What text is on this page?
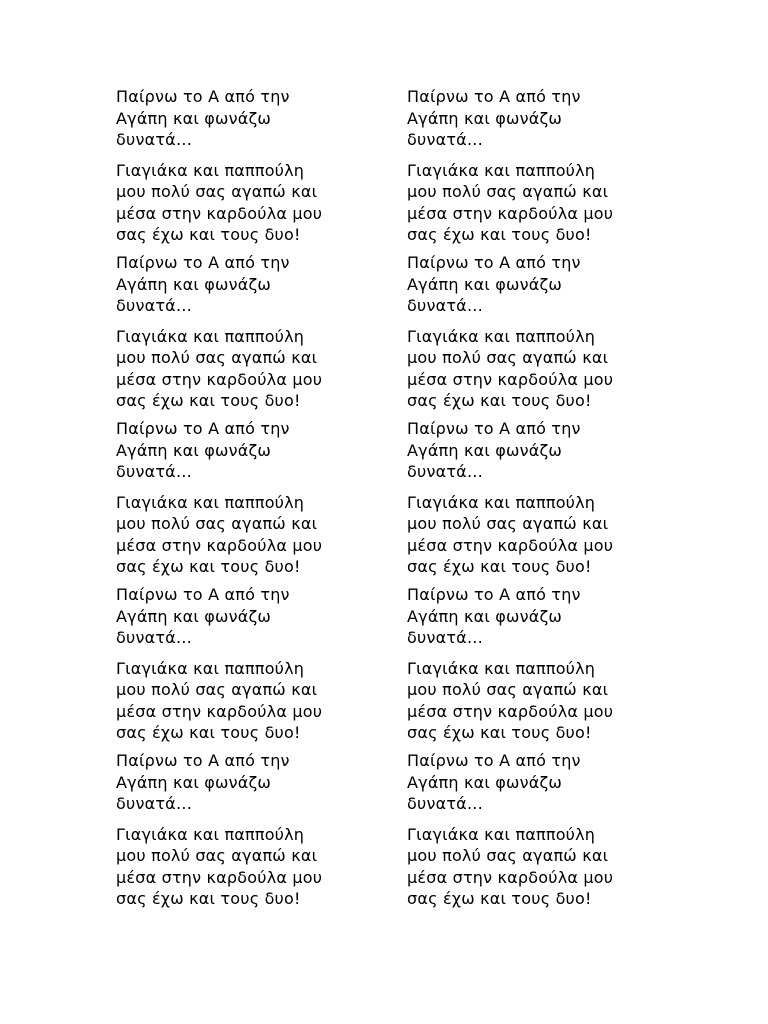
Παίρνω το Α από την
Αγάπη και φωνάζω
δυνατά…

Γιαγιάκα και παππούλη
μου πολύ σας αγαπώ και
μέσα στην καρδούλα μου
σας έχω και τους δυο!

Παίρνω το Α από την
Αγάπη και φωνάζω
δυνατά…

Γιαγιάκα και παππούλη
μου πολύ σας αγαπώ και
μέσα στην καρδούλα μου
σας έχω και τους δυο!

Παίρνω το Α από την
Αγάπη και φωνάζω
δυνατά…

Γιαγιάκα και παππούλη
μου πολύ σας αγαπώ και
μέσα στην καρδούλα μου
σας έχω και τους δυο!

Παίρνω το Α από την
Αγάπη και φωνάζω
δυνατά…

Γιαγιάκα και παππούλη
μου πολύ σας αγαπώ και
μέσα στην καρδούλα μου
σας έχω και τους δυο!

Παίρνω το Α από την
Αγάπη και φωνάζω
δυνατά…

Γιαγιάκα και παππούλη
μου πολύ σας αγαπώ και
μέσα στην καρδούλα μου
σας έχω και τους δυο!

Παίρνω το Α από την
Αγάπη και φωνάζω
δυνατά…

Γιαγιάκα και παππούλη
μου πολύ σας αγαπώ και
μέσα στην καρδούλα μου
σας έχω και τους δυο!

Παίρνω το Α από την
Αγάπη και φωνάζω
δυνατά…

Γιαγιάκα και παππούλη
μου πολύ σας αγαπώ και
μέσα στην καρδούλα μου
σας έχω και τους δυο!

Παίρνω το Α από την
Αγάπη και φωνάζω
δυνατά…

Γιαγιάκα και παππούλη
μου πολύ σας αγαπώ και
μέσα στην καρδούλα μου
σας έχω και τους δυο!

Παίρνω το Α από την
Αγάπη και φωνάζω
δυνατά…

Γιαγιάκα και παππούλη
μου πολύ σας αγαπώ και
μέσα στην καρδούλα μου
σας έχω και τους δυο!

Παίρνω το Α από την
Αγάπη και φωνάζω
δυνατά…

Γιαγιάκα και παππούλη
μου πολύ σας αγαπώ και
μέσα στην καρδούλα μου
σας έχω και τους δυο!
